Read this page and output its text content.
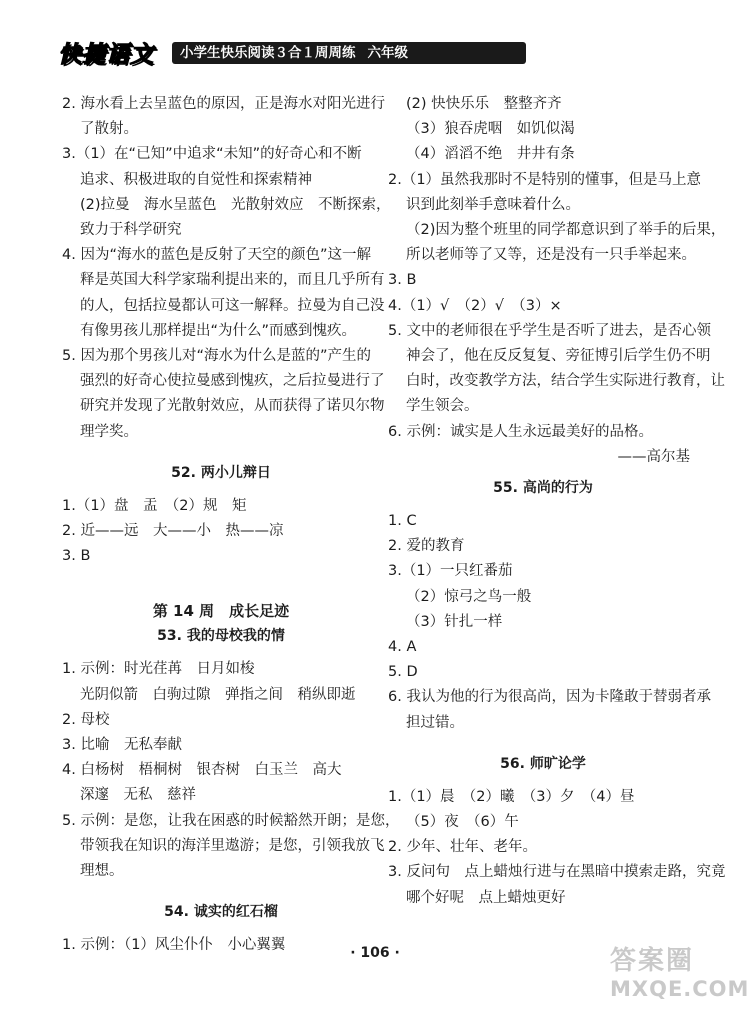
快捷语文	小学生快乐阅读３合１周周练 六年级
2. 海水看上去呈蓝色的原因，正是海水对阳光进行
了散射。
3.（1）在“已知”中追求“未知”的好奇心和不断
追求、积极进取的自觉性和探索精神
(2)拉曼　海水呈蓝色　光散射效应　不断探索，
致力于科学研究
4. 因为“海水的蓝色是反射了天空的颜色”这一解
释是英国大科学家瑞利提出来的，而且几乎所有
的人，包括拉曼都认可这一解释。拉曼为自己没
有像男孩儿那样提出“为什么”而感到愧疚。
5. 因为那个男孩儿对“海水为什么是蓝的”产生的
强烈的好奇心使拉曼感到愧疚，之后拉曼进行了
研究并发现了光散射效应，从而获得了诺贝尔物
理学奖。
52. 两小儿辩日
1.（1）盘　盂　（2）规　矩
2. 近——远　大——小　热——凉
3. B
第 14 周　成长足迹
53. 我的母校我的情
1. 示例：时光荏苒　日月如梭
光阴似箭　白驹过隙　弹指之间　稍纵即逝
2. 母校
3. 比喻　无私奉献
4. 白杨树　梧桐树　银杏树　白玉兰　高大
深邃　无私　慈祥
5. 示例：是您，让我在困惑的时候豁然开朗；是您，
带领我在知识的海洋里遨游；是您，引领我放飞
理想。
54. 诚实的红石榴
1. 示例：（1）风尘仆仆　小心翼翼
(2) 快快乐乐　整整齐齐
（3）狼吞虎咽　如饥似渴
（4）滔滔不绝　井井有条
2.（1）虽然我那时不是特别的懂事，但是马上意
识到此刻举手意味着什么。
（2)因为整个班里的同学都意识到了举手的后果，
所以老师等了又等，还是没有一只手举起来。
3. B
4.（1）√　（2）√　（3）×
5. 文中的老师很在乎学生是否听了进去，是否心领
神会了，他在反反复复、旁征博引后学生仍不明
白时，改变教学方法，结合学生实际进行教育，让
学生领会。
6. 示例：诚实是人生永远最美好的品格。
——高尔基
55. 高尚的行为
1. C
2. 爱的教育
3.（1）一只红番茄
（2）惊弓之鸟一般
（3）针扎一样
4. A
5. D
6. 我认为他的行为很高尚，因为卡隆敢于替弱者承
担过错。
56. 师旷论学
1.（1）晨　（2）曦　（3）夕　（4）昼
（5）夜　（6）午
2. 少年、壮年、老年。
3. 反问句　点上蜡烛行进与在黑暗中摸索走路，究竟
哪个好呢　点上蜡烛更好
· 106 ·	答案圈
MXQE.COM
